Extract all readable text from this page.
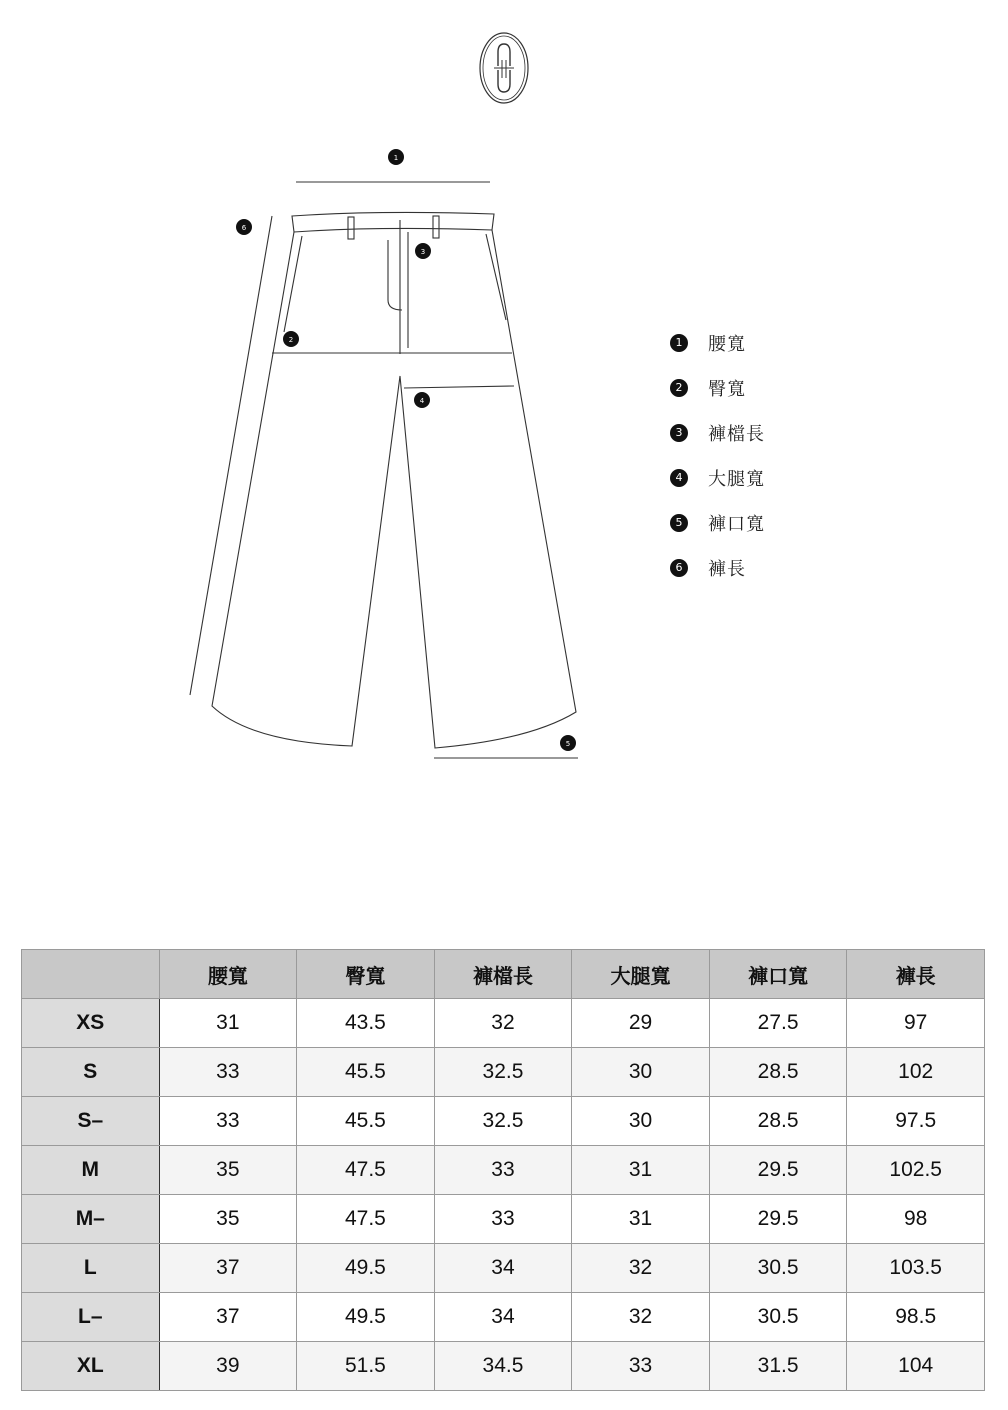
1
6
3
2
4
5
1	腰寬
2	臀寬
3	褲檔長
4	大腿寬
5	褲口寬
6	褲長
	腰寬	臀寬	褲檔長	大腿寬	褲口寬	褲長
XS	31	43.5	32	29	27.5	97
S	33	45.5	32.5	30	28.5	102
S–	33	45.5	32.5	30	28.5	97.5
M	35	47.5	33	31	29.5	102.5
M–	35	47.5	33	31	29.5	98
L	37	49.5	34	32	30.5	103.5
L–	37	49.5	34	32	30.5	98.5
XL	39	51.5	34.5	33	31.5	104
